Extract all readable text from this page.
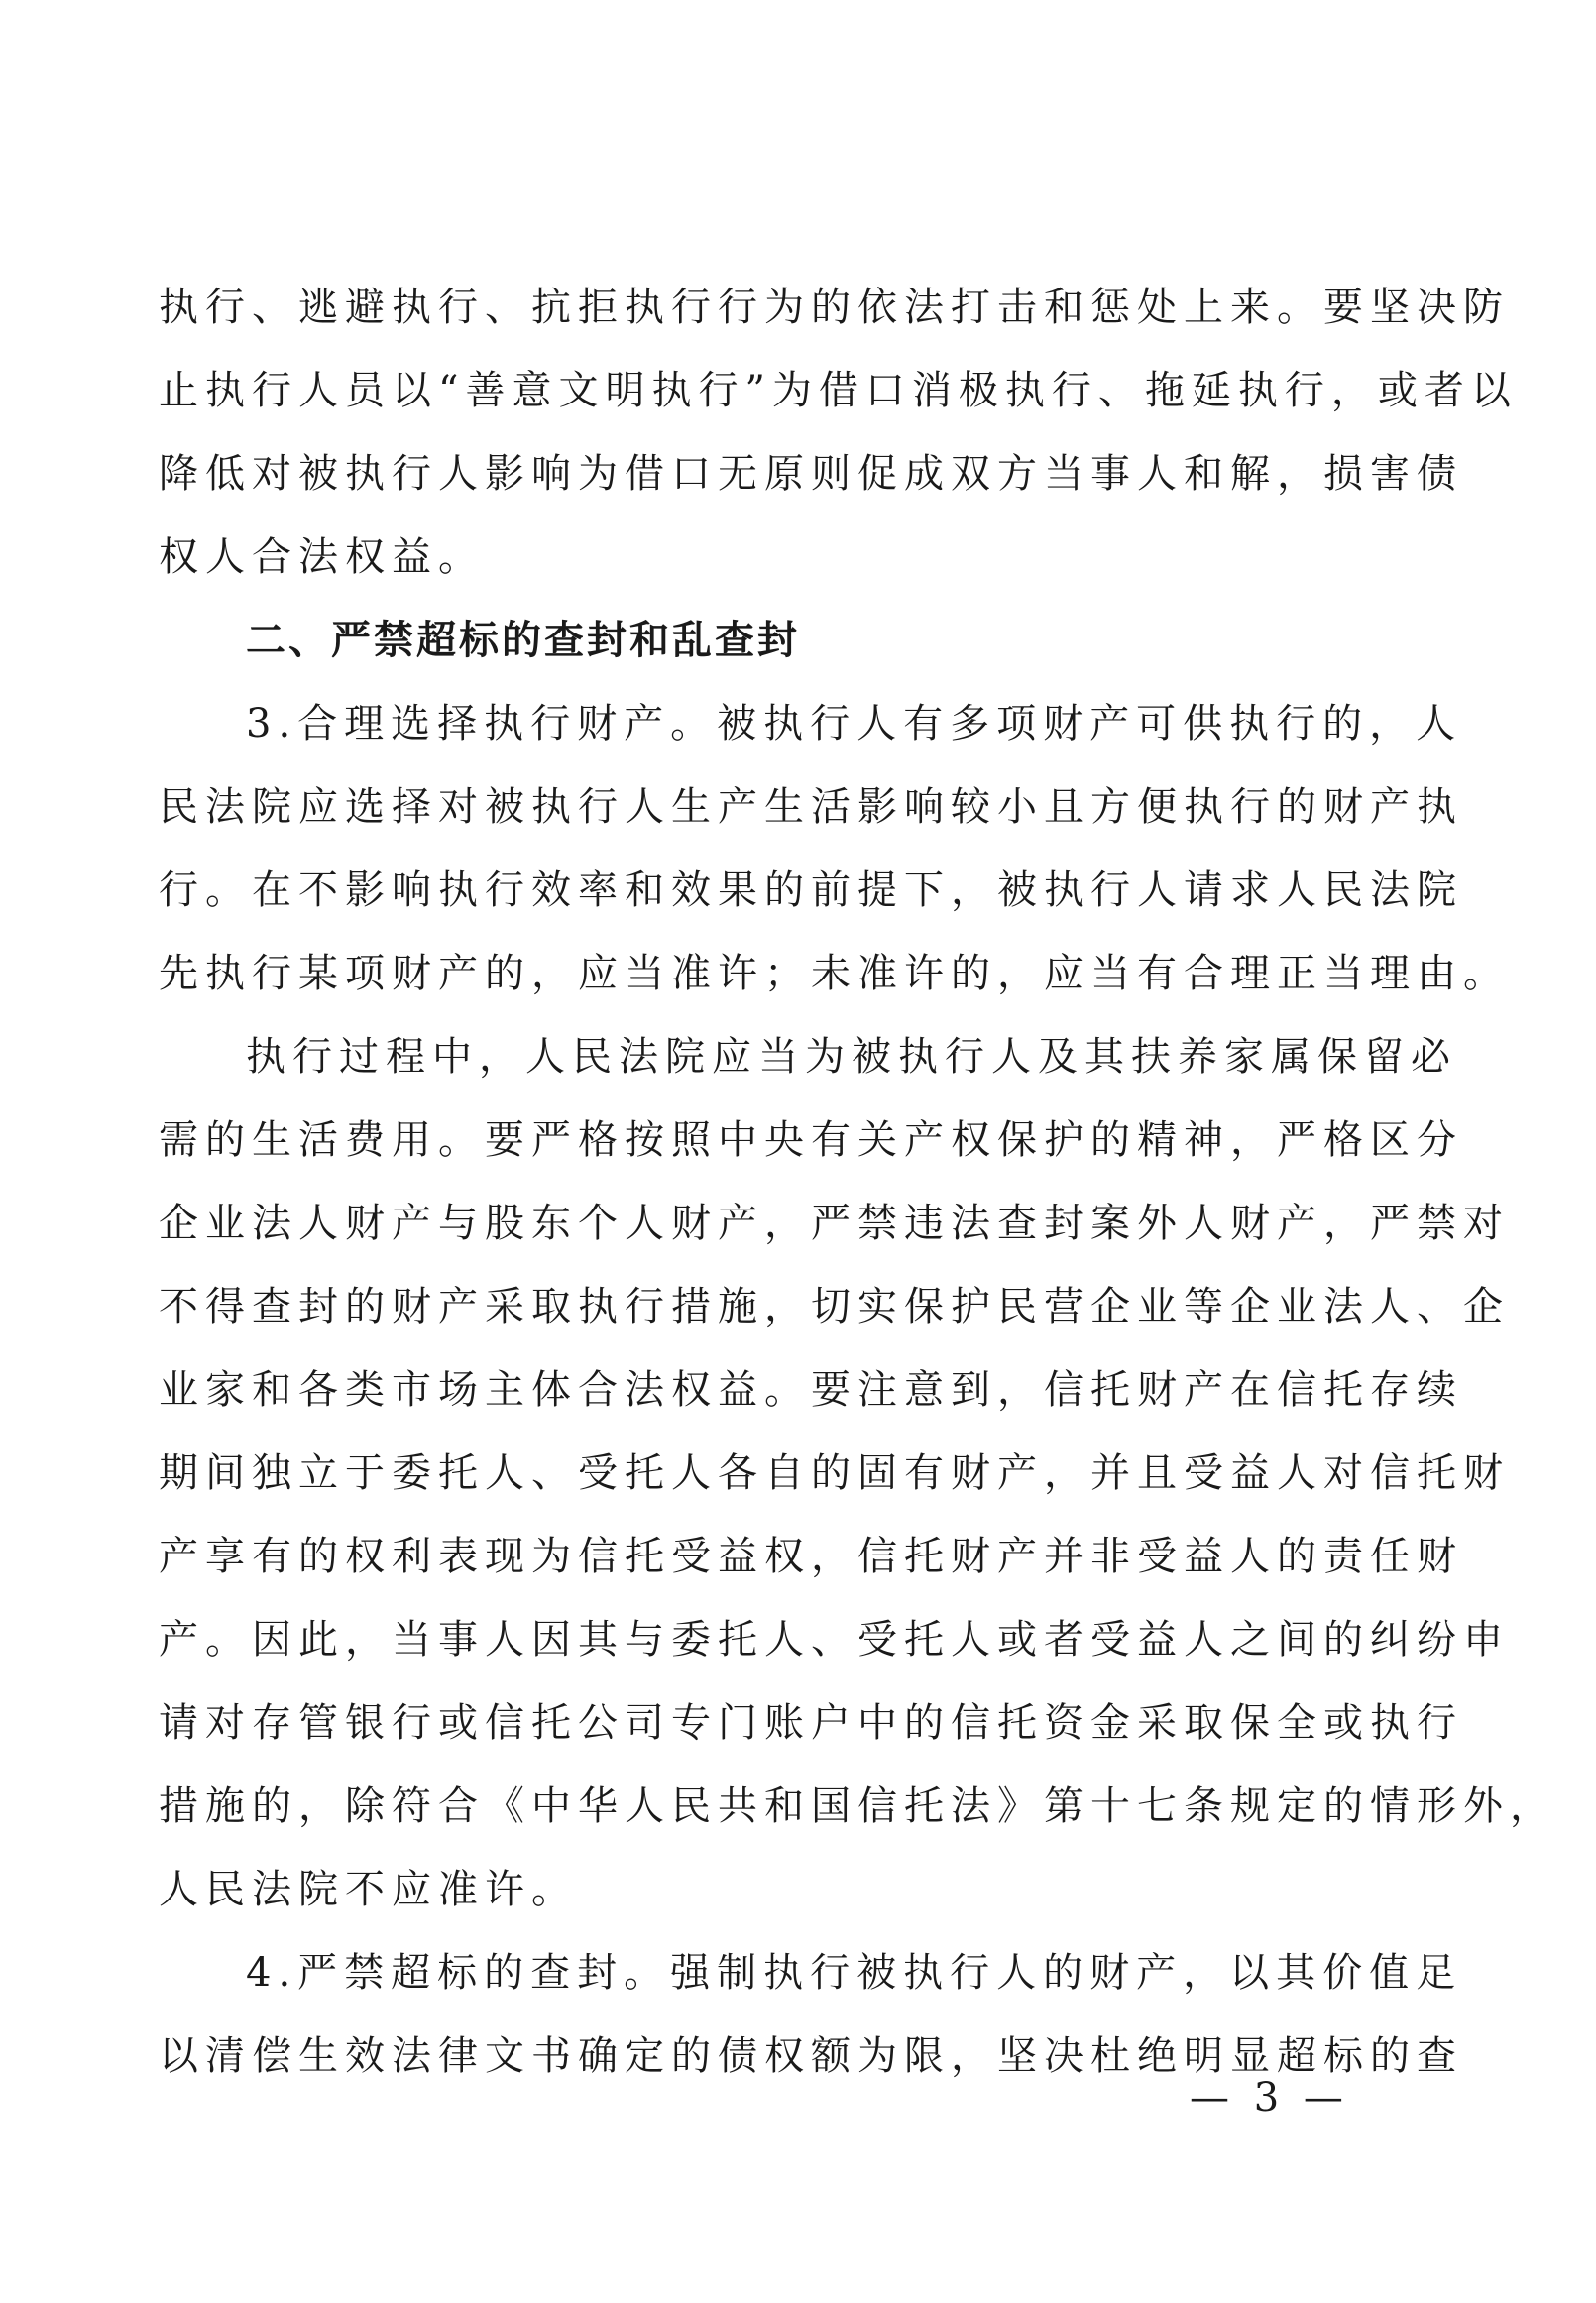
执行、逃避执行、抗拒执行行为的依法打击和惩处上来。要坚决防
止执行人员以“善意文明执行”为借口消极执行、拖延执行，或者以
降低对被执行人影响为借口无原则促成双方当事人和解，损害债
权人合法权益。
二、严禁超标的查封和乱查封
3.合理选择执行财产。被执行人有多项财产可供执行的，人
民法院应选择对被执行人生产生活影响较小且方便执行的财产执
行。在不影响执行效率和效果的前提下，被执行人请求人民法院
先执行某项财产的，应当准许；未准许的，应当有合理正当理由。
执行过程中，人民法院应当为被执行人及其扶养家属保留必
需的生活费用。要严格按照中央有关产权保护的精神，严格区分
企业法人财产与股东个人财产，严禁违法查封案外人财产，严禁对
不得查封的财产采取执行措施，切实保护民营企业等企业法人、企
业家和各类市场主体合法权益。要注意到，信托财产在信托存续
期间独立于委托人、受托人各自的固有财产，并且受益人对信托财
产享有的权利表现为信托受益权，信托财产并非受益人的责任财
产。因此，当事人因其与委托人、受托人或者受益人之间的纠纷申
请对存管银行或信托公司专门账户中的信托资金采取保全或执行
措施的，除符合《中华人民共和国信托法》第十七条规定的情形外，
人民法院不应准许。
4.严禁超标的查封。强制执行被执行人的财产，以其价值足
以清偿生效法律文书确定的债权额为限，坚决杜绝明显超标的查
— 3 —
